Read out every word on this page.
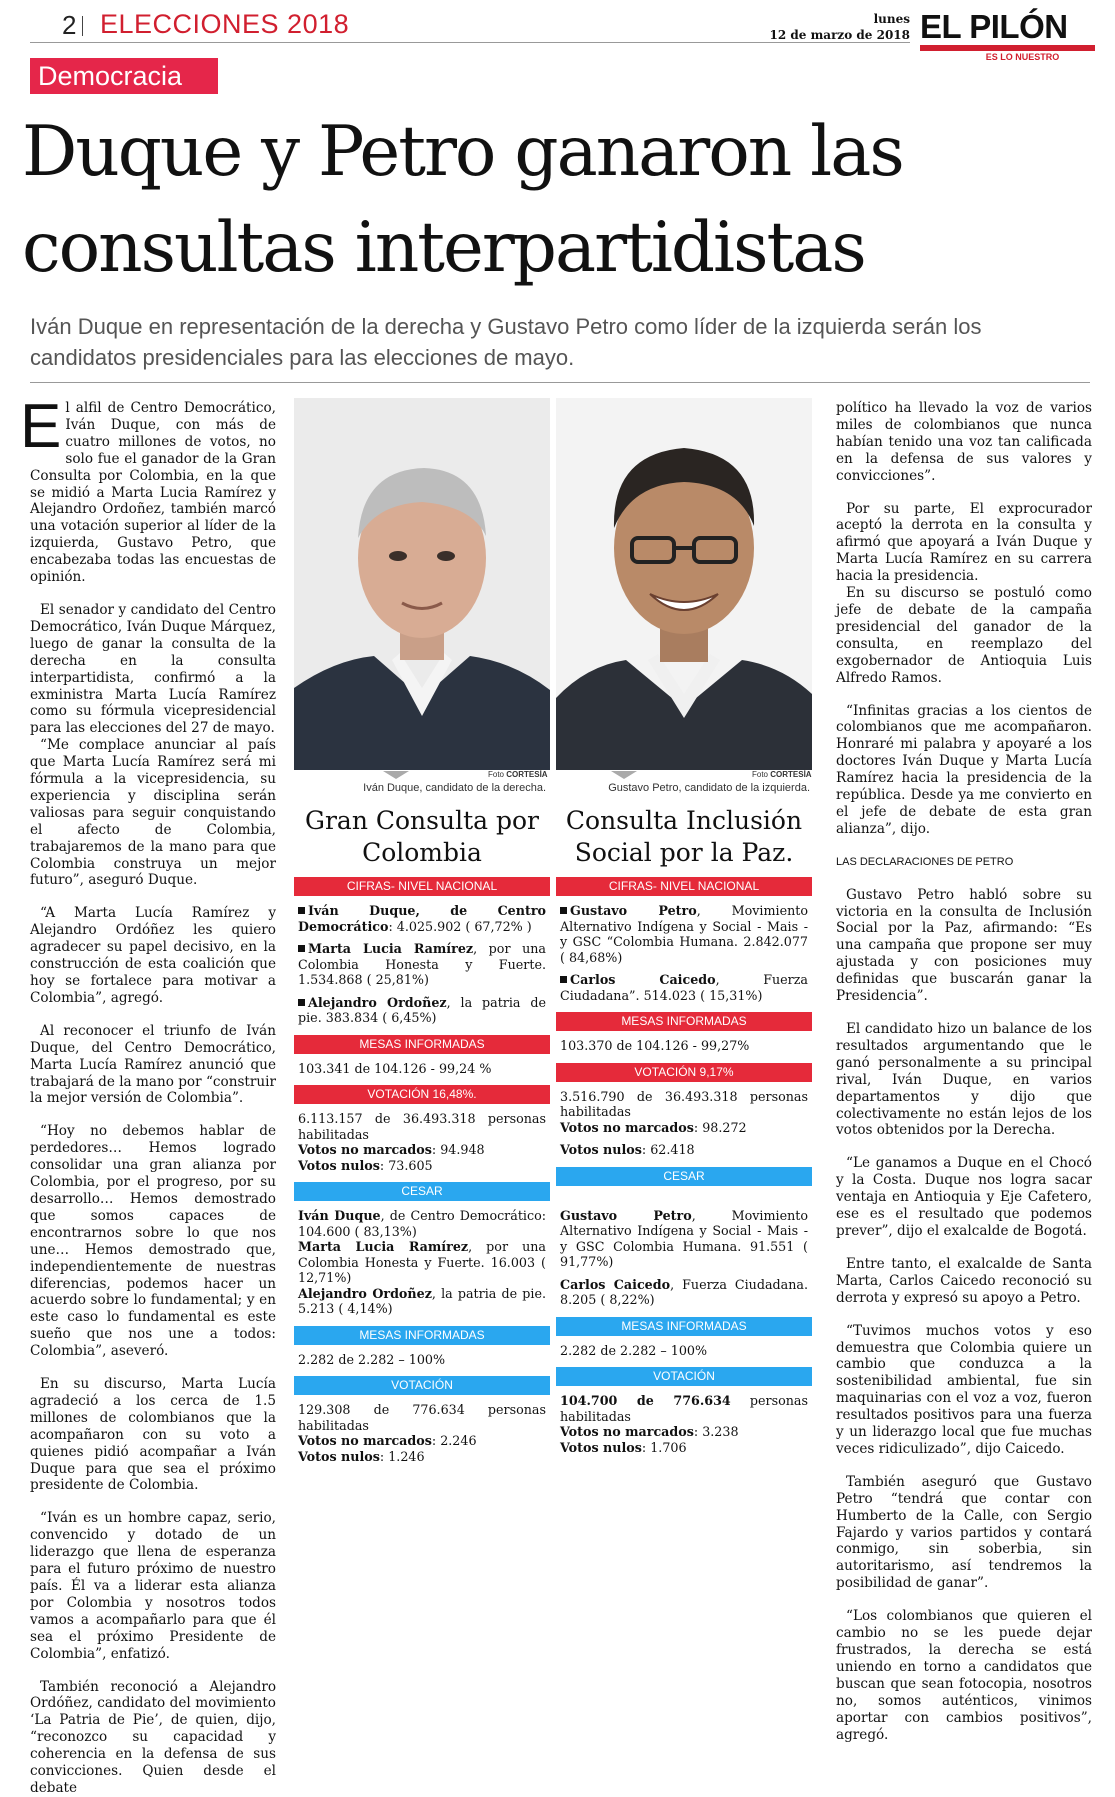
2 ELECCIONES 2018	lunes
12 de marzo de 2018 EL PILÓN
ES LO NUESTRO
Democracia
Duque y Petro ganaron las consultas interpartidistas
Iván Duque en representación de la derecha y Gustavo Petro como líder de la izquierda serán los candidatos presidenciales para las elecciones de mayo.

El alfil de Centro Democrático, Iván Duque, con más de cuatro millones de votos, no solo fue el ganador de la Gran Consulta por Colombia, en la que se midió a Marta Lucia Ramírez y Alejandro Ordoñez, también marcó una votación superior al líder de la izquierda, Gustavo Petro, que encabezaba todas las encuestas de opinión.

El senador y candidato del Centro Democrático, Iván Duque Márquez, luego de ganar la consulta de la derecha en la consulta interpartidista, confirmó a la exministra Marta Lucía Ramírez como su fórmula vicepresidencial para las elecciones del 27 de mayo.

“Me complace anunciar al país que Marta Lucía Ramírez será mi fórmula a la vicepresidencia, su experiencia y disciplina serán valiosas para seguir conquistando el afecto de Colombia, trabajaremos de la mano para que Colombia construya un mejor futuro”, aseguró Duque.

“A Marta Lucía Ramírez y Alejandro Ordóñez les quiero agradecer su papel decisivo, en la construcción de esta coalición que hoy se fortalece para motivar a Colombia”, agregó.

Al reconocer el triunfo de Iván Duque, del Centro Democrático, Marta Lucía Ramírez anunció que trabajará de la mano por “construir la mejor versión de Colombia”.

“Hoy no debemos hablar de perdedores… Hemos logrado consolidar una gran alianza por Colombia, por el progreso, por su desarrollo… Hemos demostrado que somos capaces de encontrarnos sobre lo que nos une… Hemos demostrado que, independientemente de nuestras diferencias, podemos hacer un acuerdo sobre lo fundamental; y en este caso lo fundamental es este sueño que nos une a todos: Colombia”, aseveró.

En su discurso, Marta Lucía agradeció a los cerca de 1.5 millones de colombianos que la acompañaron con su voto a quienes pidió acompañar a Iván Duque para que sea el próximo presidente de Colombia.

“Iván es un hombre capaz, serio, convencido y dotado de un liderazgo que llena de esperanza para el futuro próximo de nuestro país. Él va a liderar esta alianza por Colombia y nosotros todos vamos a acompañarlo para que él sea el próximo Presidente de Colombia”, enfatizó.

También reconoció a Alejandro Ordóñez, candidato del movimiento ‘La Patria de Pie’, de quien, dijo, “reconozco su capacidad y coherencia en la defensa de sus convicciones. Quien desde el debate

Foto CORTESÍA
Iván Duque, candidato de la derecha.
Foto CORTESÍA
Gustavo Petro, candidato de la izquierda.
Gran Consulta por Colombia
Consulta Inclusión Social por la Paz.
CIFRAS- NIVEL NACIONAL

Iván Duque, de Centro Democrático: 4.025.902 ( 67,72% )

Marta Lucia Ramírez, por una Colombia Honesta y Fuerte. 1.534.868 ( 25,81%)

Alejandro Ordoñez, la patria de pie. 383.834 ( 6,45%)

MESAS INFORMADAS

103.341 de 104.126 - 99,24 %

VOTACIÓN 16,48%.

6.113.157 de 36.493.318 personas habilitadas

Votos no marcados: 94.948

Votos nulos: 73.605

CESAR

Iván Duque, de Centro Democrático: 104.600 ( 83,13%)

Marta Lucia Ramírez, por una Colombia Honesta y Fuerte. 16.003 ( 12,71%)

Alejandro Ordoñez, la patria de pie. 5.213 ( 4,14%)

MESAS INFORMADAS

2.282 de 2.282 – 100%

VOTACIÓN

129.308 de 776.634 personas habilitadas

Votos no marcados: 2.246

Votos nulos: 1.246

CIFRAS- NIVEL NACIONAL

Gustavo Petro, Movimiento Alternativo Indígena y Social - Mais - y GSC “Colombia Humana. 2.842.077 ( 84,68%)

Carlos Caicedo, Fuerza Ciudadana”. 514.023 ( 15,31%)

MESAS INFORMADAS

103.370 de 104.126 - 99,27%

VOTACIÓN 9,17%

3.516.790 de 36.493.318 personas habilitadas

Votos no marcados: 98.272

Votos nulos: 62.418

CESAR

Gustavo Petro, Movimiento Alternativo Indígena y Social - Mais - y GSC Colombia Humana. 91.551 ( 91,77%)

Carlos Caicedo, Fuerza Ciudadana. 8.205 ( 8,22%)

MESAS INFORMADAS

2.282 de 2.282 – 100%

VOTACIÓN

104.700 de 776.634 personas habilitadas

Votos no marcados: 3.238

Votos nulos: 1.706

político ha llevado la voz de varios miles de colombianos que nunca habían tenido una voz tan calificada en la defensa de sus valores y convicciones”.

Por su parte, El exprocurador aceptó la derrota en la consulta y afirmó que apoyará a Iván Duque y Marta Lucía Ramírez en su carrera hacia la presidencia.

En su discurso se postuló como jefe de debate de la campaña presidencial del ganador de la consulta, en reemplazo del exgobernador de Antioquia Luis Alfredo Ramos.

“Infinitas gracias a los cientos de colombianos que me acompañaron. Honraré mi palabra y apoyaré a los doctores Iván Duque y Marta Lucía Ramírez hacia la presidencia de la república. Desde ya me convierto en el jefe de debate de esta gran alianza”, dijo.

LAS DECLARACIONES DE PETRO

Gustavo Petro habló sobre su victoria en la consulta de Inclusión Social por la Paz, afirmando: “Es una campaña que propone ser muy ajustada y con posiciones muy definidas que buscarán ganar la Presidencia”.

El candidato hizo un balance de los resultados argumentando que le ganó personalmente a su principal rival, Iván Duque, en varios departamentos y dijo que colectivamente no están lejos de los votos obtenidos por la Derecha.

“Le ganamos a Duque en el Chocó y la Costa. Duque nos logra sacar ventaja en Antioquia y Eje Cafetero, ese es el resultado que podemos prever”, dijo el exalcalde de Bogotá.

Entre tanto, el exalcalde de Santa Marta, Carlos Caicedo reconoció su derrota y expresó su apoyo a Petro.

“Tuvimos muchos votos y eso demuestra que Colombia quiere un cambio que conduzca a la sostenibilidad ambiental, fue sin maquinarias con el voz a voz, fueron resultados positivos para una fuerza y un liderazgo local que fue muchas veces ridiculizado”, dijo Caicedo.

También aseguró que Gustavo Petro “tendrá que contar con Humberto de la Calle, con Sergio Fajardo y varios partidos y contará conmigo, sin soberbia, sin autoritarismo, así tendremos la posibilidad de ganar”.

“Los colombianos que quieren el cambio no se les puede dejar frustrados, la derecha se está uniendo en torno a candidatos que buscan que sean fotocopia, nosotros no, somos auténticos, vinimos aportar con cambios positivos”, agregó.
